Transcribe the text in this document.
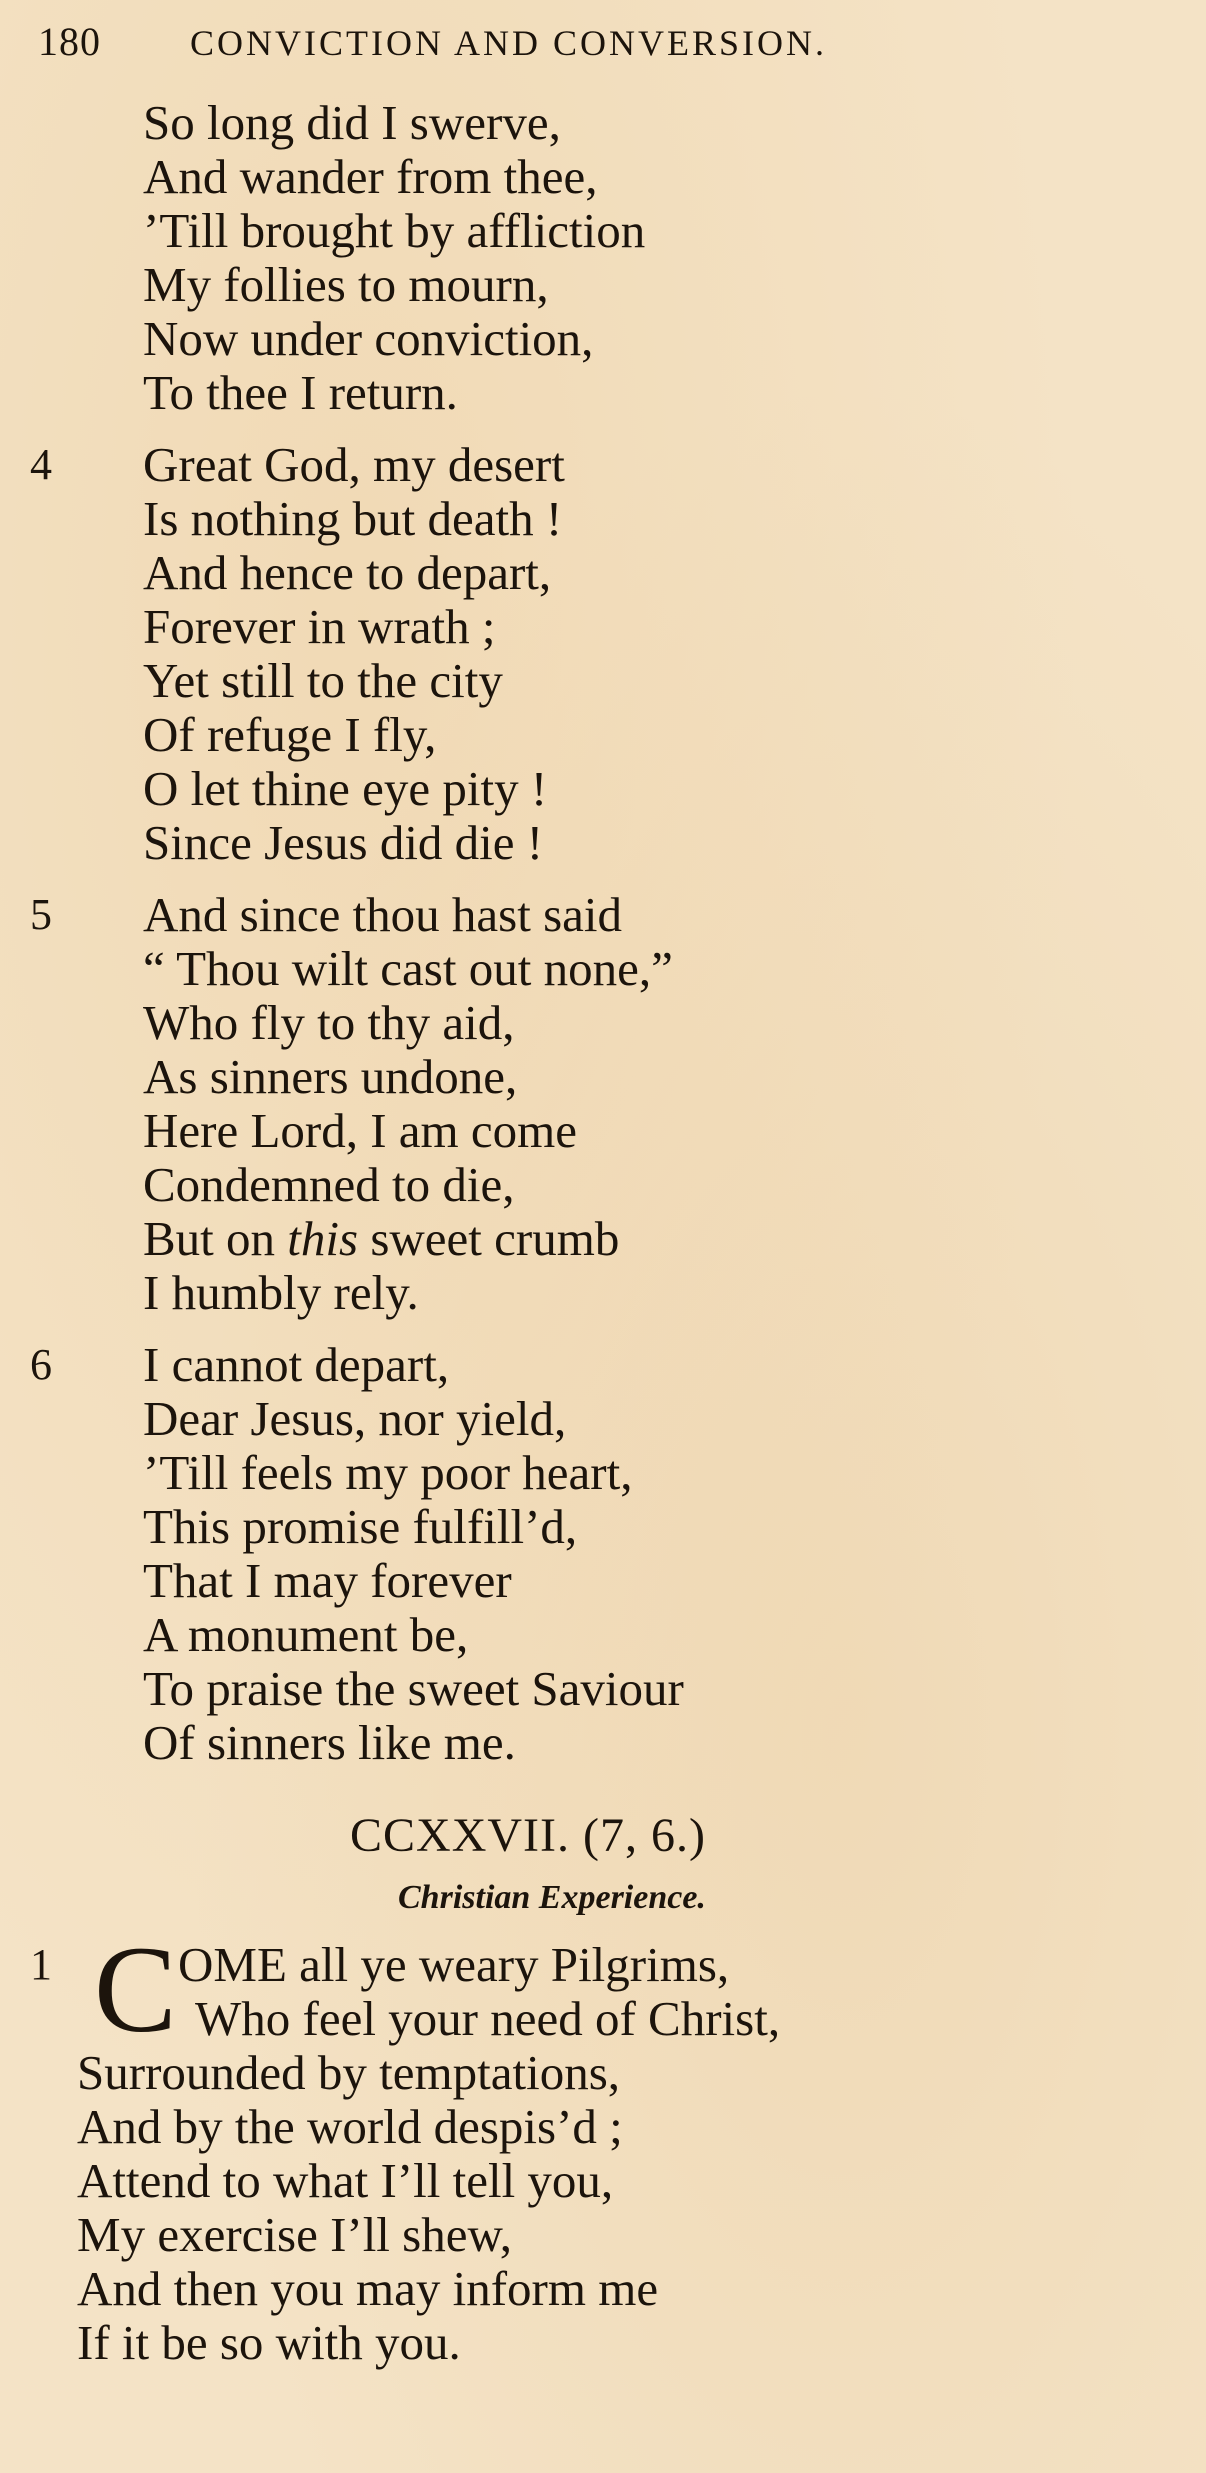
180 CONVICTION AND CONVERSION.
So long did I swerve,
And wander from thee,
’Till brought by affliction
My follies to mourn,
Now under conviction,
To thee I return.
4 Great God, my desert
Is nothing but death !
And hence to depart,
Forever in wrath ;
Yet still to the city
Of refuge I fly,
O let thine eye pity !
Since Jesus did die !
5 And since thou hast said
“ Thou wilt cast out none,”
Who fly to thy aid,
As sinners undone,
Here Lord, I am come
Condemned to die,
But on this sweet crumb
I humbly rely.
6 I cannot depart,
Dear Jesus, nor yield,
’Till feels my poor heart,
This promise fulfill’d,
That I may forever
A monument be,
To praise the sweet Saviour
Of sinners like me.
CCXXVII. (7, 6.)
Christian Experience.
1 C OME all ye weary Pilgrims,
Who feel your need of Christ,
Surrounded by temptations,
And by the world despis’d ;
Attend to what I’ll tell you,
My exercise I’ll shew,
And then you may inform me
If it be so with you.
